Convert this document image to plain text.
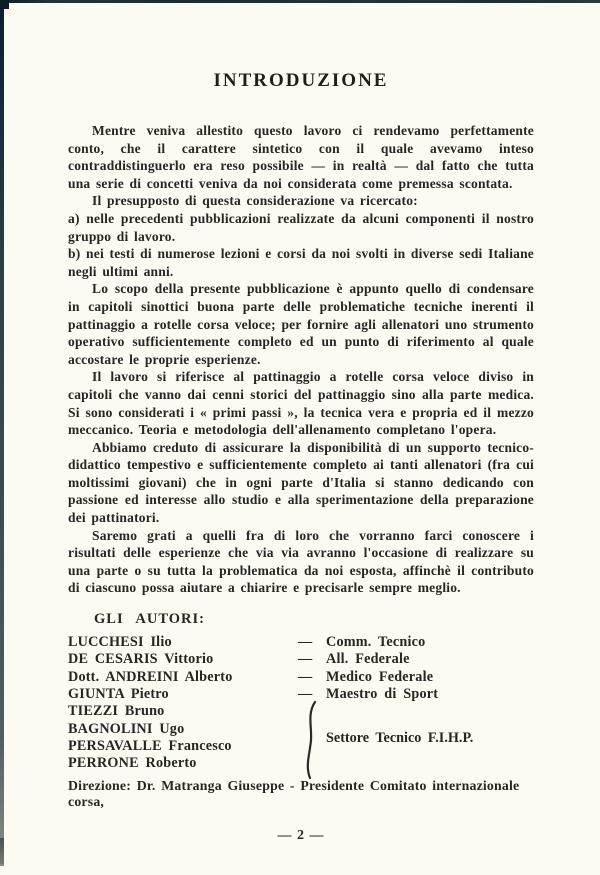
INTRODUZIONE

Mentre veniva allestito questo lavoro ci rendevamo perfettamente conto, che il carattere sintetico con il quale avevamo inteso contraddistinguerlo era reso possibile — in realtà — dal fatto che tutta una serie di concetti veniva da noi considerata come premessa scontata.

Il presupposto di questa considerazione va ricercato:

a) nelle precedenti pubblicazioni realizzate da alcuni componenti il nostro gruppo di lavoro.

b) nei testi di numerose lezioni e corsi da noi svolti in diverse sedi Italiane negli ultimi anni.

Lo scopo della presente pubblicazione è appunto quello di condensare in capitoli sinottici buona parte delle problematiche tecniche inerenti il pattinaggio a rotelle corsa veloce; per fornire agli allenatori uno strumento operativo sufficientemente completo ed un punto di riferimento al quale accostare le proprie esperienze.

Il lavoro si riferisce al pattinaggio a rotelle corsa veloce diviso in capitoli che vanno dai cenni storici del pattinaggio sino alla parte medica. Si sono considerati i « primi passi », la tecnica vera e propria ed il mezzo meccanico. Teoria e metodologia dell'allenamento completano l'opera.

Abbiamo creduto di assicurare la disponibilità di un supporto tecnico-didattico tempestivo e sufficientemente completo ai tanti allenatori (fra cui moltissimi giovani) che in ogni parte d'Italia si stanno dedicando con passione ed interesse allo studio e alla sperimentazione della preparazione dei pattinatori.

Saremo grati a quelli fra di loro che vorranno farci conoscere i risultati delle esperienze che via via avranno l'occasione di realizzare su una parte o su tutta la problematica da noi esposta, affinchè il contributo di ciascuno possa aiutare a chiarire e precisarle sempre meglio.

GLI AUTORI:
LUCCHESI Ilio	— Comm. Tecnico
DE CESARIS Vittorio	— All. Federale
Dott. ANDREINI Alberto	— Medico Federale
GIUNTA Pietro	— Maestro di Sport
TIEZZI Bruno
BAGNOLINI Ugo
PERSAVALLE Francesco
PERRONE Roberto
Settore Tecnico F.I.H.P.
Direzione: Dr. Matranga Giuseppe - Presidente Comitato internazionale corsa,
— 2 —
